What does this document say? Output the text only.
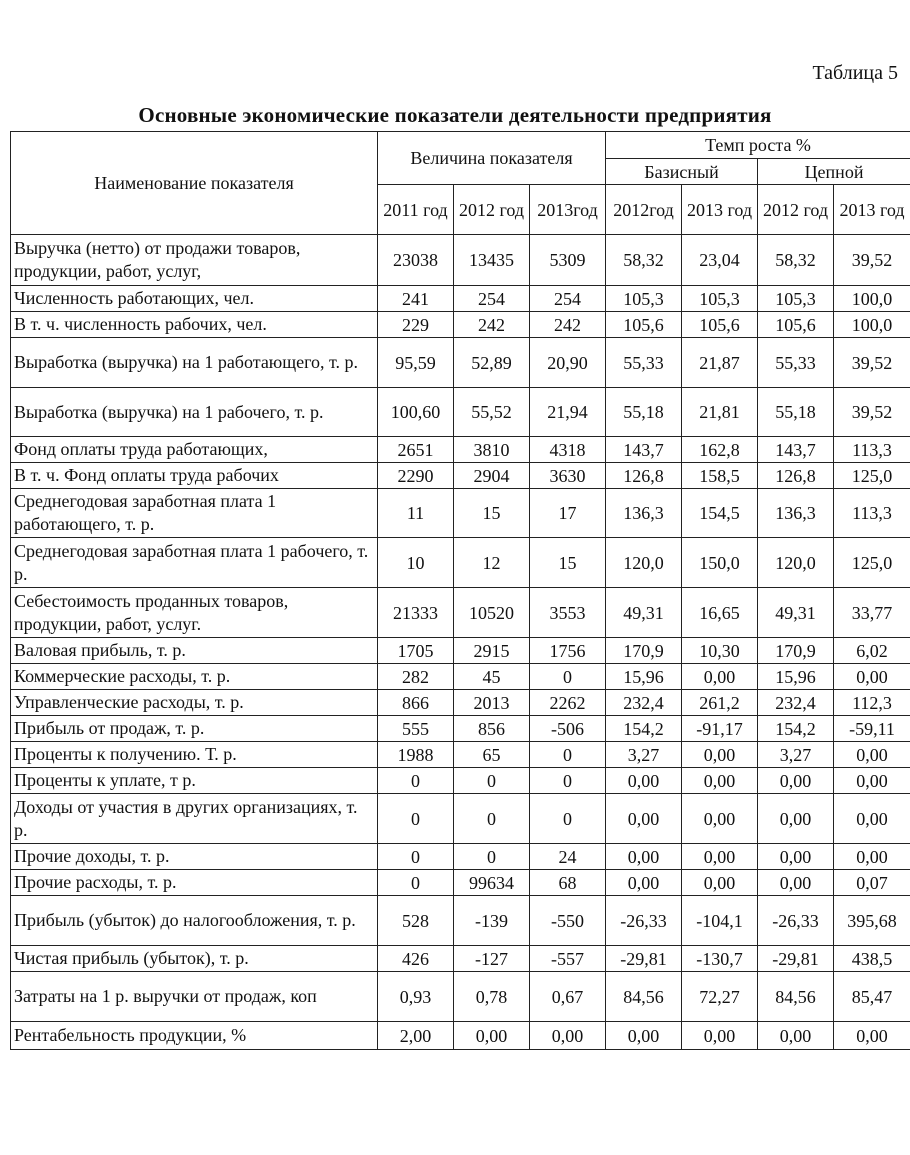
Таблица 5
Основные экономические показатели деятельности предприятия
Наименование показателя	Величина показателя			Темп роста %			
				Базисный		Цепной	
	2011 год	2012 год	2013год	2012год	2013 год	2012 год	2013 год
Выручка (нетто) от продажи товаров, продукции, работ, услуг,	23038	13435	5309	58,32	23,04	58,32	39,52
Численность работающих, чел.	241	254	254	105,3	105,3	105,3	100,0
В т. ч. численность рабочих, чел.	229	242	242	105,6	105,6	105,6	100,0
Выработка (выручка) на 1 работающего, т. р.	95,59	52,89	20,90	55,33	21,87	55,33	39,52
Выработка (выручка) на 1 рабочего, т. р.	100,60	55,52	21,94	55,18	21,81	55,18	39,52
Фонд оплаты труда работающих,	2651	3810	4318	143,7	162,8	143,7	113,3
В т. ч. Фонд оплаты труда рабочих	2290	2904	3630	126,8	158,5	126,8	125,0
Среднегодовая заработная плата 1 работающего, т. р.	11	15	17	136,3	154,5	136,3	113,3
Среднегодовая заработная плата 1 рабочего, т. р.	10	12	15	120,0	150,0	120,0	125,0
Себестоимость проданных товаров, продукции, работ, услуг.	21333	10520	3553	49,31	16,65	49,31	33,77
Валовая прибыль, т. р.	1705	2915	1756	170,9	10,30	170,9	6,02
Коммерческие расходы, т. р.	282	45	0	15,96	0,00	15,96	0,00
Управленческие расходы, т. р.	866	2013	2262	232,4	261,2	232,4	112,3
Прибыль от продаж, т. р.	555	856	-506	154,2	-91,17	154,2	-59,11
Проценты к получению. Т. р.	1988	65	0	3,27	0,00	3,27	0,00
Проценты к уплате, т р.	0	0	0	0,00	0,00	0,00	0,00
Доходы от участия в других организациях, т. р.	0	0	0	0,00	0,00	0,00	0,00
Прочие доходы, т. р.	0	0	24	0,00	0,00	0,00	0,00
Прочие расходы, т. р.	0	99634	68	0,00	0,00	0,00	0,07
Прибыль (убыток) до налогообложения, т. р.	528	-139	-550	-26,33	-104,1	-26,33	395,68
Чистая прибыль (убыток), т. р.	426	-127	-557	-29,81	-130,7	-29,81	438,5
Затраты на 1 р. выручки от продаж, коп	0,93	0,78	0,67	84,56	72,27	84,56	85,47
Рентабельность продукции, %	2,00	0,00	0,00	0,00	0,00	0,00	0,00
